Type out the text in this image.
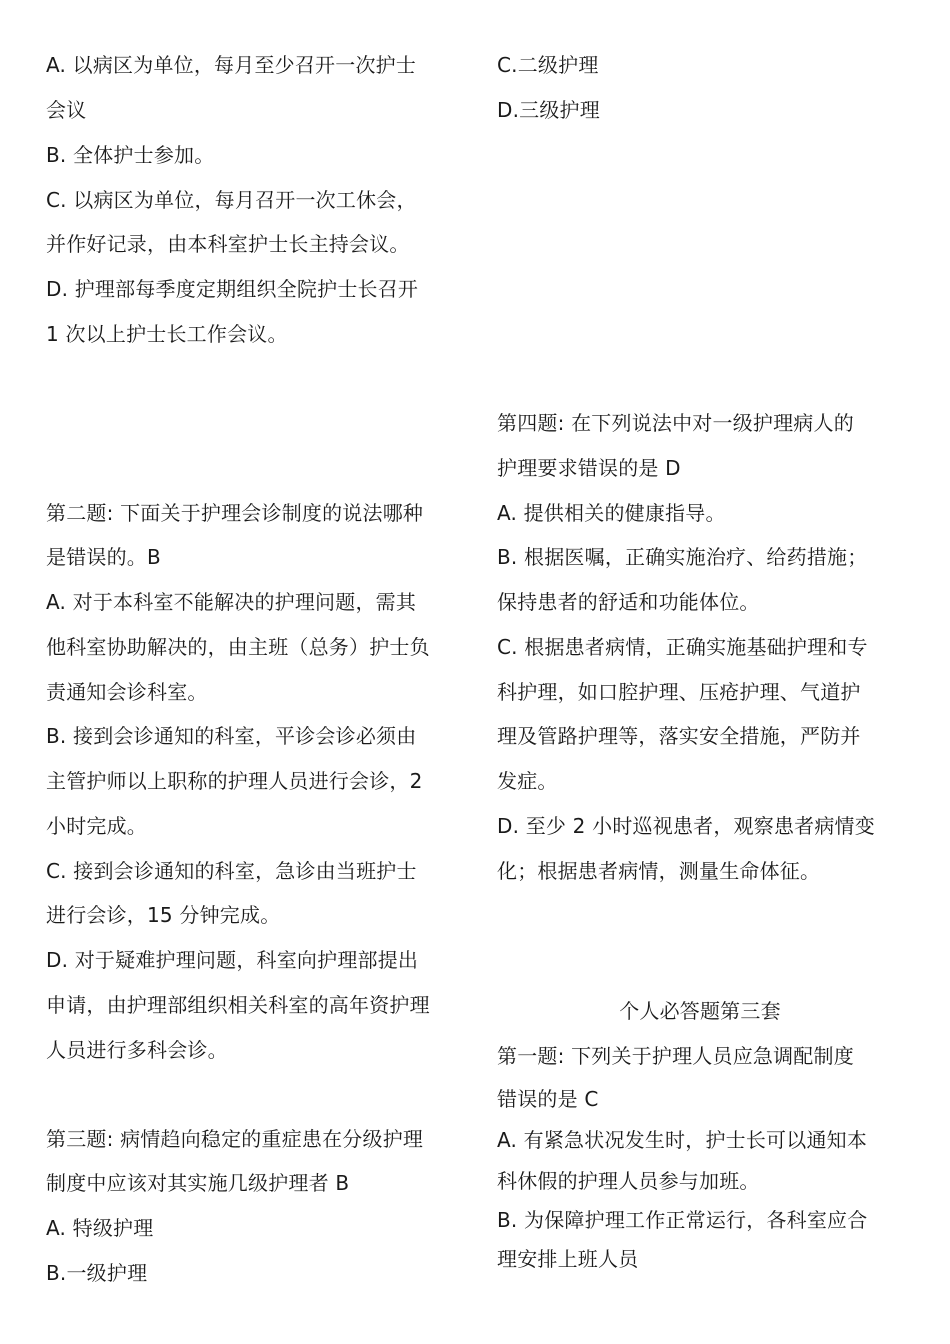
A. 以病区为单位，每月至少召开一次护士
会议
B. 全体护士参加。
C. 以病区为单位，每月召开一次工休会，
并作好记录，由本科室护士长主持会议。
D. 护理部每季度定期组织全院护士长召开
1 次以上护士长工作会议。
第二题: 下面关于护理会诊制度的说法哪种
是错误的。B
A. 对于本科室不能解决的护理问题，需其
他科室协助解决的，由主班（总务）护士负
责通知会诊科室。
B. 接到会诊通知的科室，平诊会诊必须由
主管护师以上职称的护理人员进行会诊，2
小时完成。
C. 接到会诊通知的科室，急诊由当班护士
进行会诊，15 分钟完成。
D. 对于疑难护理问题，科室向护理部提出
申请，由护理部组织相关科室的高年资护理
人员进行多科会诊。
第三题: 病情趋向稳定的重症患在分级护理
制度中应该对其实施几级护理者 B
A. 特级护理
B.一级护理
C.二级护理
D.三级护理
第四题: 在下列说法中对一级护理病人的
护理要求错误的是 D
A. 提供相关的健康指导。
B. 根据医嘱，正确实施治疗、给药措施；
保持患者的舒适和功能体位。
C. 根据患者病情，正确实施基础护理和专
科护理，如口腔护理、压疮护理、气道护
理及管路护理等，落实安全措施，严防并
发症。
D. 至少 2 小时巡视患者，观察患者病情变
化；根据患者病情，测量生命体征。
个人必答题第三套
第一题: 下列关于护理人员应急调配制度
错误的是 C
A. 有紧急状况发生时，护士长可以通知本
科休假的护理人员参与加班。
B. 为保障护理工作正常运行，各科室应合
理安排上班人员
